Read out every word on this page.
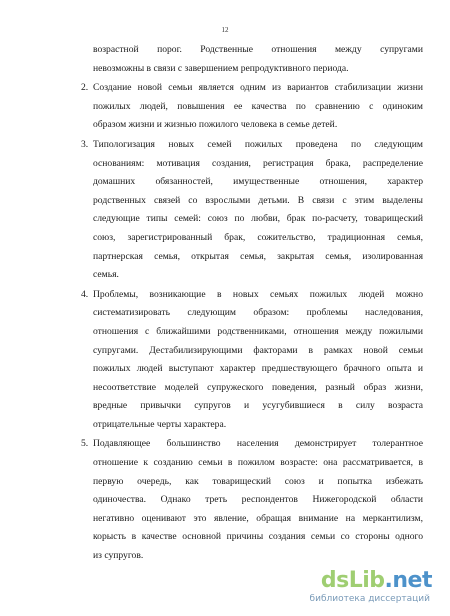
12
возрастной порог. Родственные отношения между супругами
невозможны в связи с завершением репродуктивного периода.
2. Создание новой семьи является одним из вариантов стабилизации жизни
пожилых людей, повышения ее качества по сравнению с одиноким
образом жизни и жизнью пожилого человека в семье детей.
3. Типологизация новых семей пожилых проведена по следующим
основаниям: мотивация создания, регистрация брака, распределение
домашних обязанностей, имущественные отношения, характер
родственных связей со взрослыми детьми. В связи с этим выделены
следующие типы семей: союз по любви, брак по-расчету, товарищеский
союз, зарегистрированный брак, сожительство, традиционная семья,
партнерская семья, открытая семья, закрытая семья, изолированная
семья.
4. Проблемы, возникающие в новых семьях пожилых людей можно
систематизировать следующим образом: проблемы наследования,
отношения с ближайшими родственниками, отношения между пожилыми
супругами. Дестабилизирующими факторами в рамках новой семьи
пожилых людей выступают характер предшествующего брачного опыта и
несоответствие моделей супружеского поведения, разный образ жизни,
вредные привычки супругов и усугубившиеся в силу возраста
отрицательные черты характера.
5. Подавляющее большинство населения демонстрирует толерантное
отношение к созданию семьи в пожилом возрасте: она рассматривается, в
первую очередь, как товарищеский союз и попытка избежать
одиночества. Однако треть респондентов Нижегородской области
негативно оценивают это явление, обращая внимание на меркантилизм,
корысть в качестве основной причины создания семьи со стороны одного
из супругов.
dsLib.net
библиотека диссертаций
